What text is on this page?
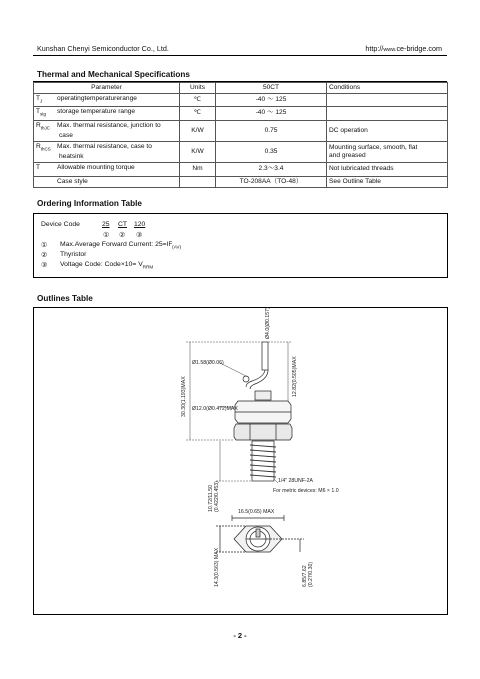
Kunshan Chenyi Semiconductor Co., Ltd.	http://www.ce-bridge.com
Thermal and Mechanical Specifications
Parameter	Units	50CT	Conditions
$T_J$ operatingtemperaturerange	℃	-40 ～ 125	
$T_{stg}$ storage temperature range	℃	-40 ～ 125	
$R_{thJC}$ Max. thermal resistance, junction to
case	K/W	0.75	DC operation
$R_{thCS}$ Max. thermal resistance, case to
heatsink	K/W	0.35	Mounting surface, smooth, flat
and greased
T Allowable mounting torque	Nm	2.3～3.4	Not lubricated threads
Case style		TO-208AA（TO-48）	See Outline Table
Ordering Information Table
Device Code	25 CT 120
① ② ③
① Max.Average Forward Current: $25=IF_{(AV)}$
② Thyristor
③ Voltage Code: Code×10= $V_{RRM}$
Outlines Table
Ø4.0(Ø0.157)
Ø1.58(Ø0.06)
30.30(1.193)MAX	12.82(0.505)MAX
Ø12.0(Ø0.472)MAX
1/4" 28UNF-2A
For metric devices: M6 × 1.0
10.72/11.50 (0.422/0.453)	16.5(0.65) MAX
14.3(0.563) MAX	6.85/7.62 (0.27/0.30)
- 2 -
